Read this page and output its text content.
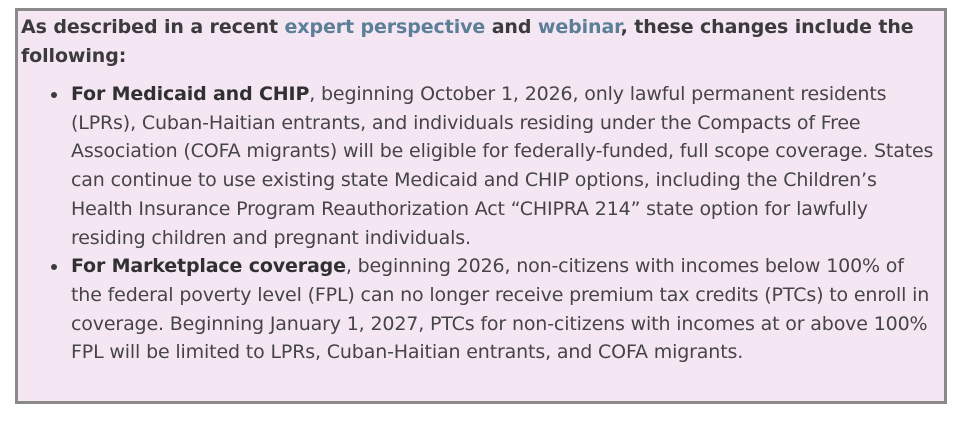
As described in a recent expert perspective and webinar, these changes include the following:

For Medicaid and CHIP, beginning October 1, 2026, only lawful permanent residents (LPRs), Cuban-Haitian entrants, and individuals residing under the Compacts of Free Association (COFA migrants) will be eligible for federally-funded, full scope coverage. States can continue to use existing state Medicaid and CHIP options, including the Children’s Health Insurance Program Reauthorization Act “CHIPRA 214” state option for lawfully residing children and pregnant individuals.
For Marketplace coverage, beginning 2026, non-citizens with incomes below 100% of the federal poverty level (FPL) can no longer receive premium tax credits (PTCs) to enroll in coverage. Beginning January 1, 2027, PTCs for non-citizens with incomes at or above 100% FPL will be limited to LPRs, Cuban-Haitian entrants, and COFA migrants.
